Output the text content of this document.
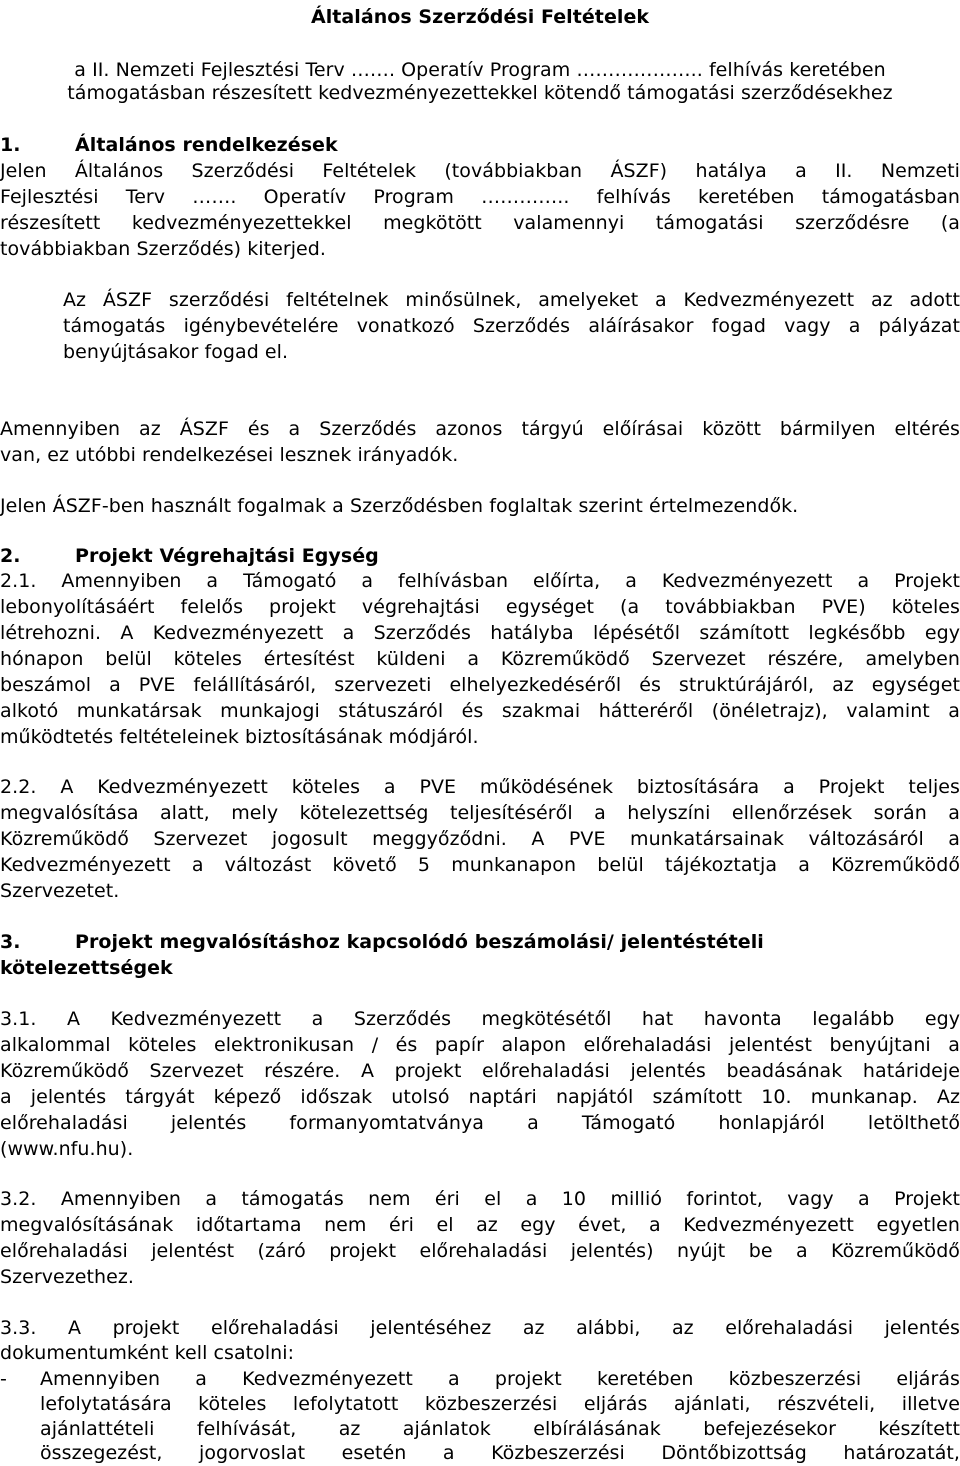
Általános Szerződési Feltételek
a II. Nemzeti Fejlesztési Terv ……. Operatív Program ……………….. felhívás keretében
támogatásban részesített kedvezményezettekkel kötendő támogatási szerződésekhez
1.	Általános rendelkezések
Jelen Általános Szerződési Feltételek (továbbiakban ÁSZF) hatálya a II. Nemzeti
Fejlesztési Terv ……. Operatív Program ………….. felhívás keretében támogatásban
részesített kedvezményezettekkel megkötött valamennyi támogatási szerződésre (a
továbbiakban Szerződés) kiterjed.
Az ÁSZF szerződési feltételnek minősülnek, amelyeket a Kedvezményezett az adott
támogatás igénybevételére vonatkozó Szerződés aláírásakor fogad vagy a pályázat
benyújtásakor fogad el.
Amennyiben az ÁSZF és a Szerződés azonos tárgyú előírásai között bármilyen eltérés
van, ez utóbbi rendelkezései lesznek irányadók.
Jelen ÁSZF-ben használt fogalmak a Szerződésben foglaltak szerint értelmezendők.
2.	Projekt Végrehajtási Egység
2.1. Amennyiben a Támogató a felhívásban előírta, a Kedvezményezett a Projekt
lebonyolításáért felelős projekt végrehajtási egységet (a továbbiakban PVE) köteles
létrehozni. A Kedvezményezett a Szerződés hatályba lépésétől számított legkésőbb egy
hónapon belül köteles értesítést küldeni a Közreműködő Szervezet részére, amelyben
beszámol a PVE felállításáról, szervezeti elhelyezkedéséről és struktúrájáról, az egységet
alkotó munkatársak munkajogi státuszáról és szakmai hátteréről (önéletrajz), valamint a
működtetés feltételeinek biztosításának módjáról.
2.2. A Kedvezményezett köteles a PVE működésének biztosítására a Projekt teljes
megvalósítása alatt, mely kötelezettség teljesítéséről a helyszíni ellenőrzések során a
Közreműködő Szervezet jogosult meggyőződni. A PVE munkatársainak változásáról a
Kedvezményezett a változást követő 5 munkanapon belül tájékoztatja a Közreműködő
Szervezetet.
3.	Projekt megvalósításhoz kapcsolódó beszámolási/ jelentéstételi
kötelezettségek
3.1. A Kedvezményezett a Szerződés megkötésétől hat havonta legalább egy
alkalommal köteles elektronikusan / és papír alapon előrehaladási jelentést benyújtani a
Közreműködő Szervezet részére. A projekt előrehaladási jelentés beadásának határideje
a jelentés tárgyát képező időszak utolsó naptári napjától számított 10. munkanap. Az
előrehaladási jelentés formanyomtatványa a Támogató honlapjáról letölthető
(www.nfu.hu).
3.2. Amennyiben a támogatás nem éri el a 10 millió forintot, vagy a Projekt
megvalósításának időtartama nem éri el az egy évet, a Kedvezményezett egyetlen
előrehaladási jelentést (záró projekt előrehaladási jelentés) nyújt be a Közreműködő
Szervezethez.
3.3. A projekt előrehaladási jelentéséhez az alábbi, az előrehaladási jelentés
dokumentumként kell csatolni:
- Amennyiben a Kedvezményezett a projekt keretében közbeszerzési eljárás
lefolytatására köteles lefolytatott közbeszerzési eljárás ajánlati, részvételi, illetve
ajánlattételi felhívását, az ajánlatok elbírálásának befejezésekor készített
összegezést, jogorvoslat esetén a Közbeszerzési Döntőbizottság határozatát,
